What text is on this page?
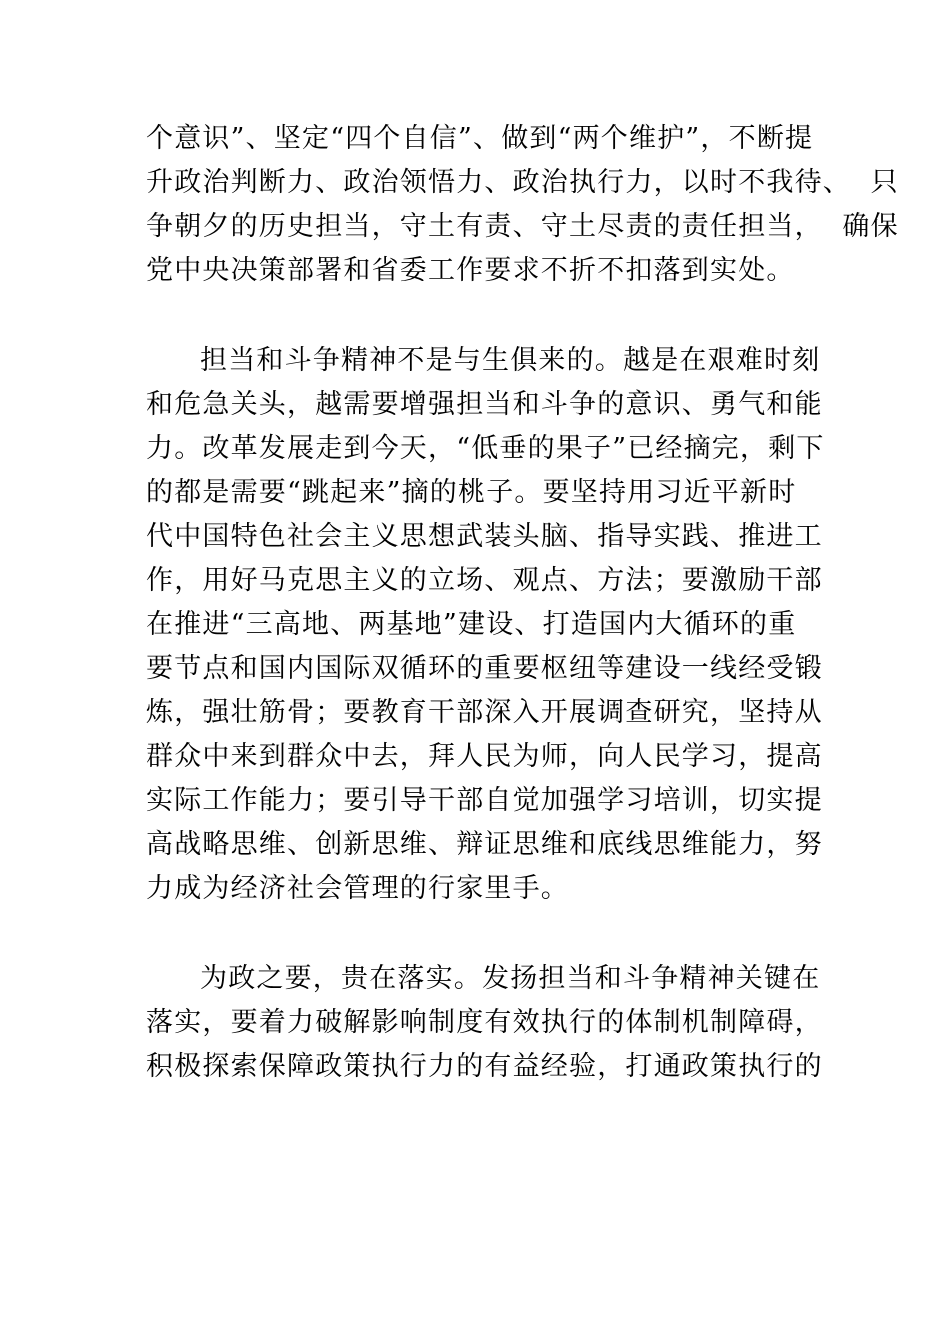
个意识”、坚定“四个自信”、做到“两个维护”，不断提

升政治判断力、政治领悟力、政治执行力，以时不我待、  只

争朝夕的历史担当，守土有责、守土尽责的责任担当，  确保

党中央决策部署和省委工作要求不折不扣落到实处。

担当和斗争精神不是与生俱来的。越是在艰难时刻

和危急关头，越需要增强担当和斗争的意识、勇气和能

力。改革发展走到今天，“低垂的果子”已经摘完，剩下

的都是需要“跳起来”摘的桃子。要坚持用习近平新时

代中国特色社会主义思想武装头脑、指导实践、推进工

作，用好马克思主义的立场、观点、方法；要激励干部

在推进“三高地、两基地”建设、打造国内大循环的重

要节点和国内国际双循环的重要枢纽等建设一线经受锻

炼，强壮筋骨；要教育干部深入开展调查研究，坚持从

群众中来到群众中去，拜人民为师，向人民学习，提高

实际工作能力；要引导干部自觉加强学习培训，切实提

高战略思维、创新思维、辩证思维和底线思维能力，努

力成为经济社会管理的行家里手。

为政之要，贵在落实。发扬担当和斗争精神关键在

落实，要着力破解影响制度有效执行的体制机制障碍，

积极探索保障政策执行力的有益经验，打通政策执行的
